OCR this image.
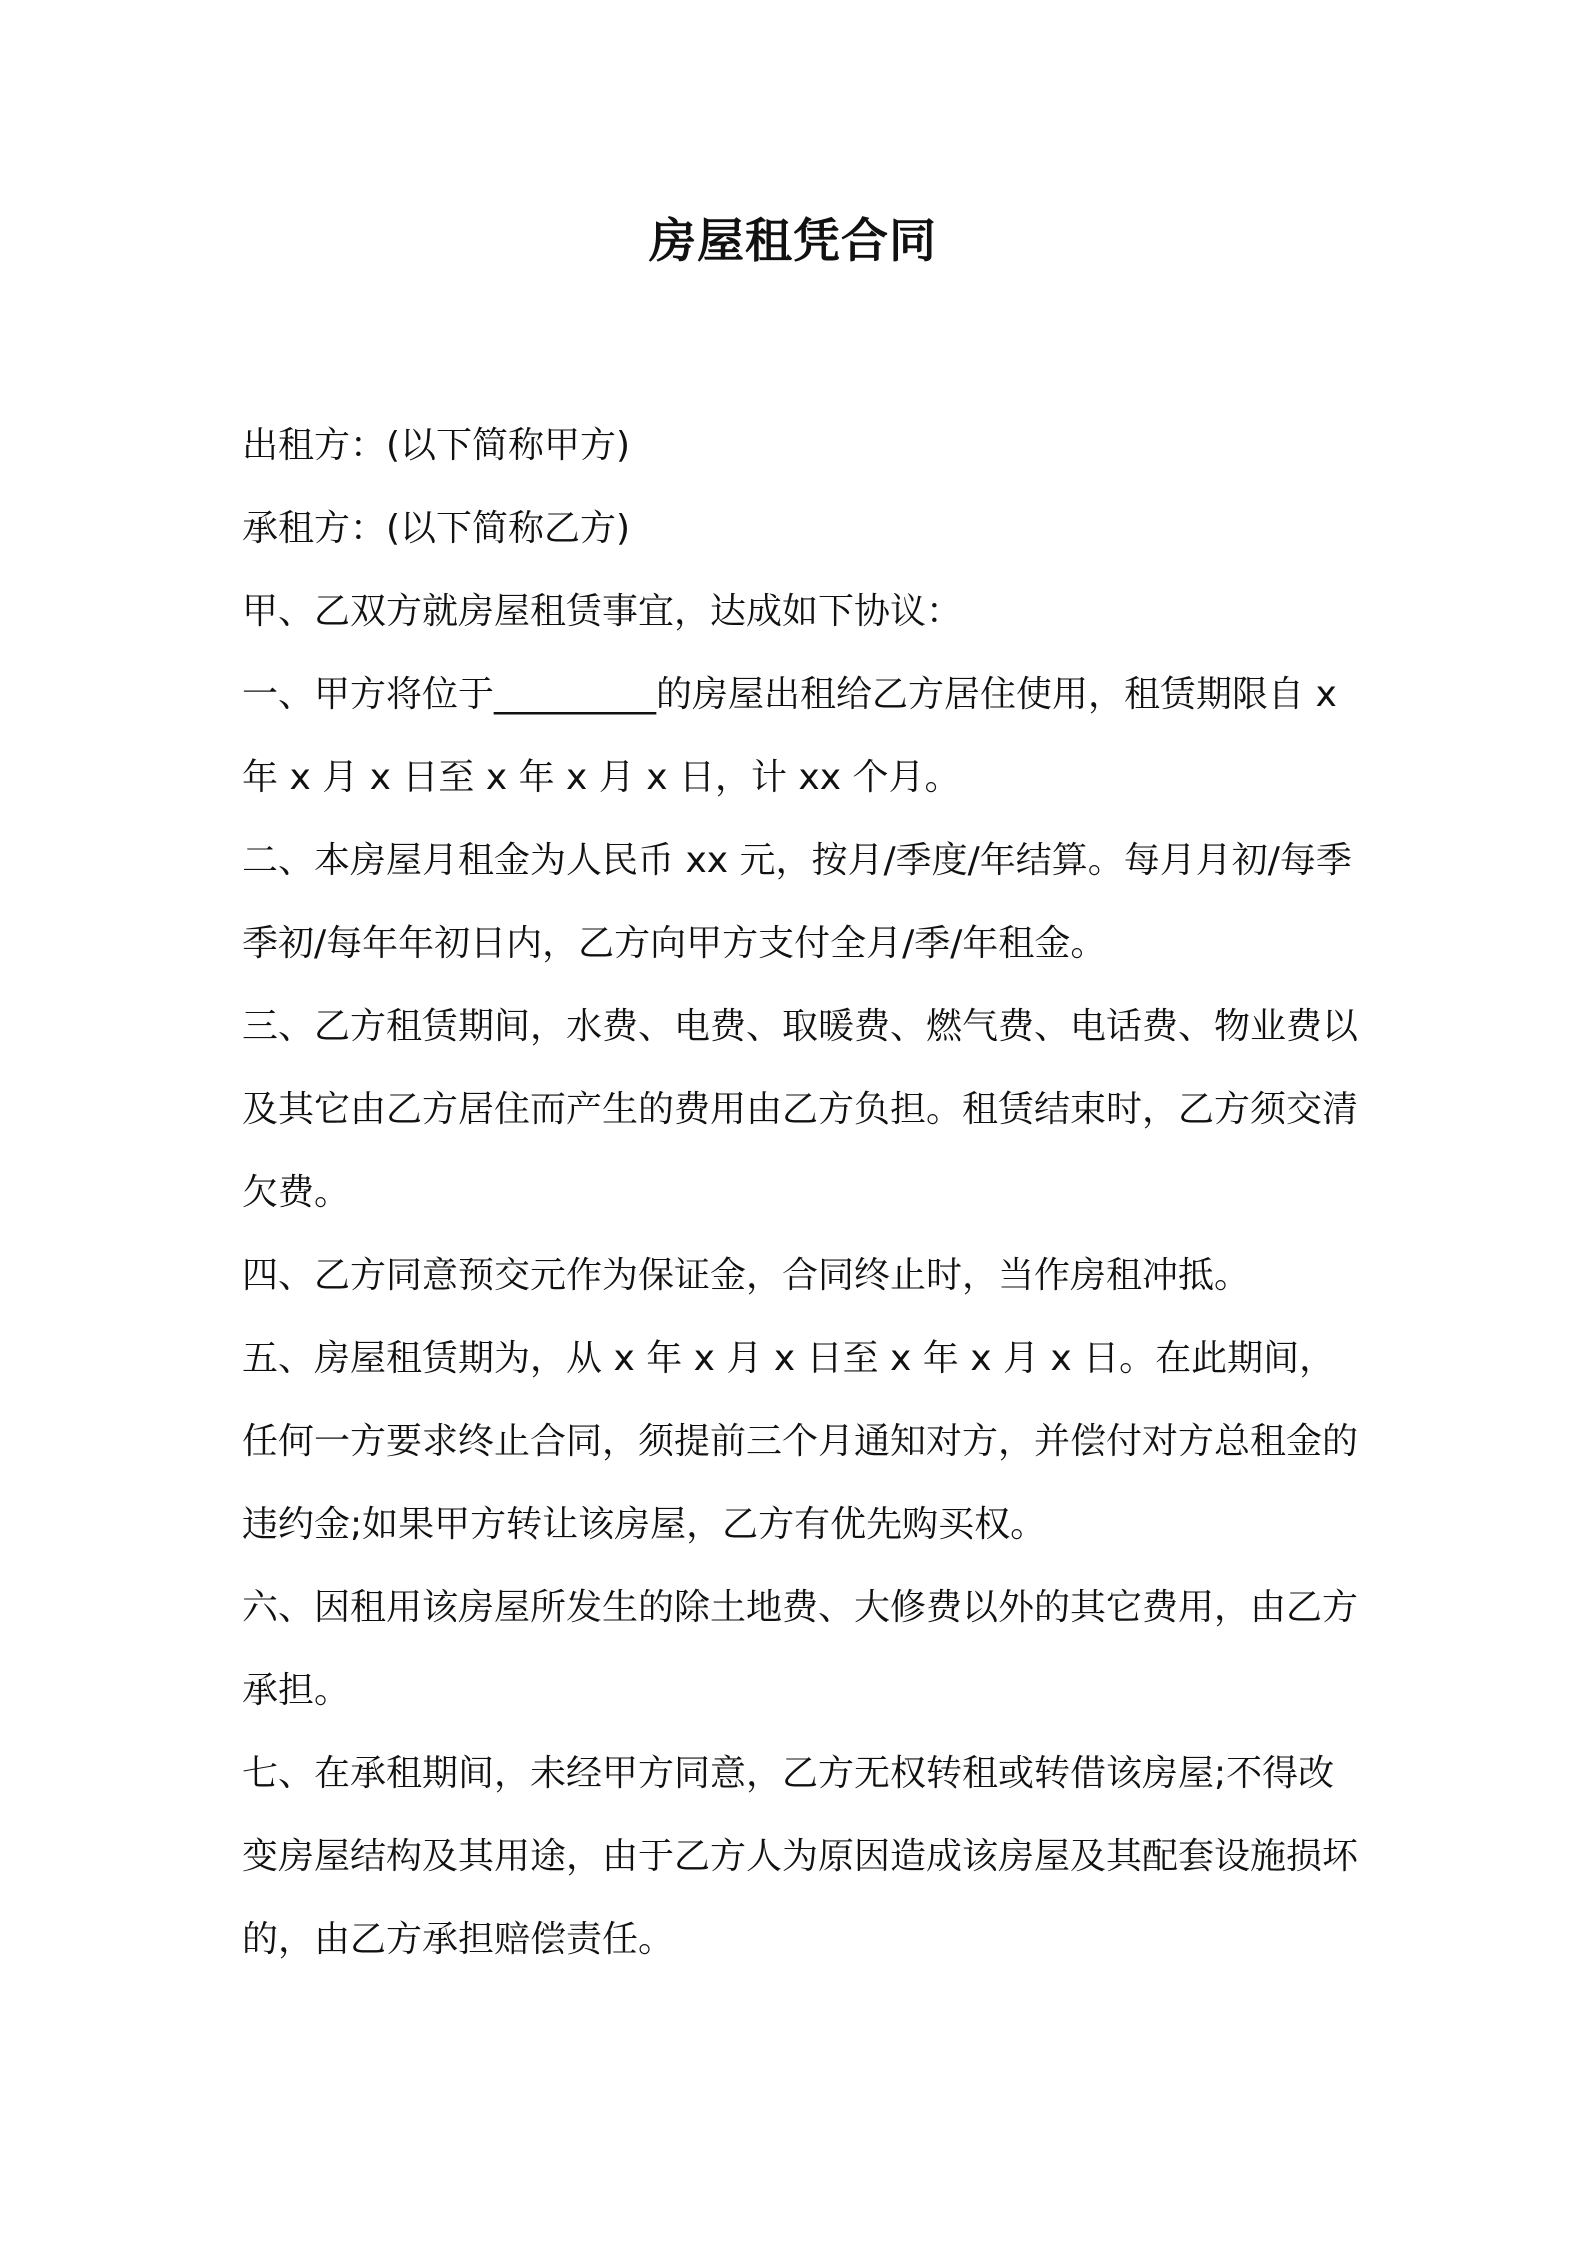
房屋租凭合同

出租方：(以下简称甲方)

承租方：(以下简称乙方)

甲、乙双方就房屋租赁事宜，达成如下协议：

一、甲方将位于_________的房屋出租给乙方居住使用，租赁期限自 x 年 x 月 x 日至 x 年 x 月 x 日，计 xx 个月。

二、本房屋月租金为人民币 xx 元，按月/季度/年结算。每月月初/每季季初/每年年初日内，乙方向甲方支付全月/季/年租金。

三、乙方租赁期间，水费、电费、取暖费、燃气费、电话费、物业费以及其它由乙方居住而产生的费用由乙方负担。租赁结束时，乙方须交清欠费。

四、乙方同意预交元作为保证金，合同终止时，当作房租冲抵。

五、房屋租赁期为，从 x 年 x 月 x 日至 x 年 x 月 x 日。在此期间，任何一方要求终止合同，须提前三个月通知对方，并偿付对方总租金的违约金;如果甲方转让该房屋，乙方有优先购买权。

六、因租用该房屋所发生的除土地费、大修费以外的其它费用，由乙方承担。

七、在承租期间，未经甲方同意，乙方无权转租或转借该房屋;不得改变房屋结构及其用途，由于乙方人为原因造成该房屋及其配套设施损坏的，由乙方承担赔偿责任。
